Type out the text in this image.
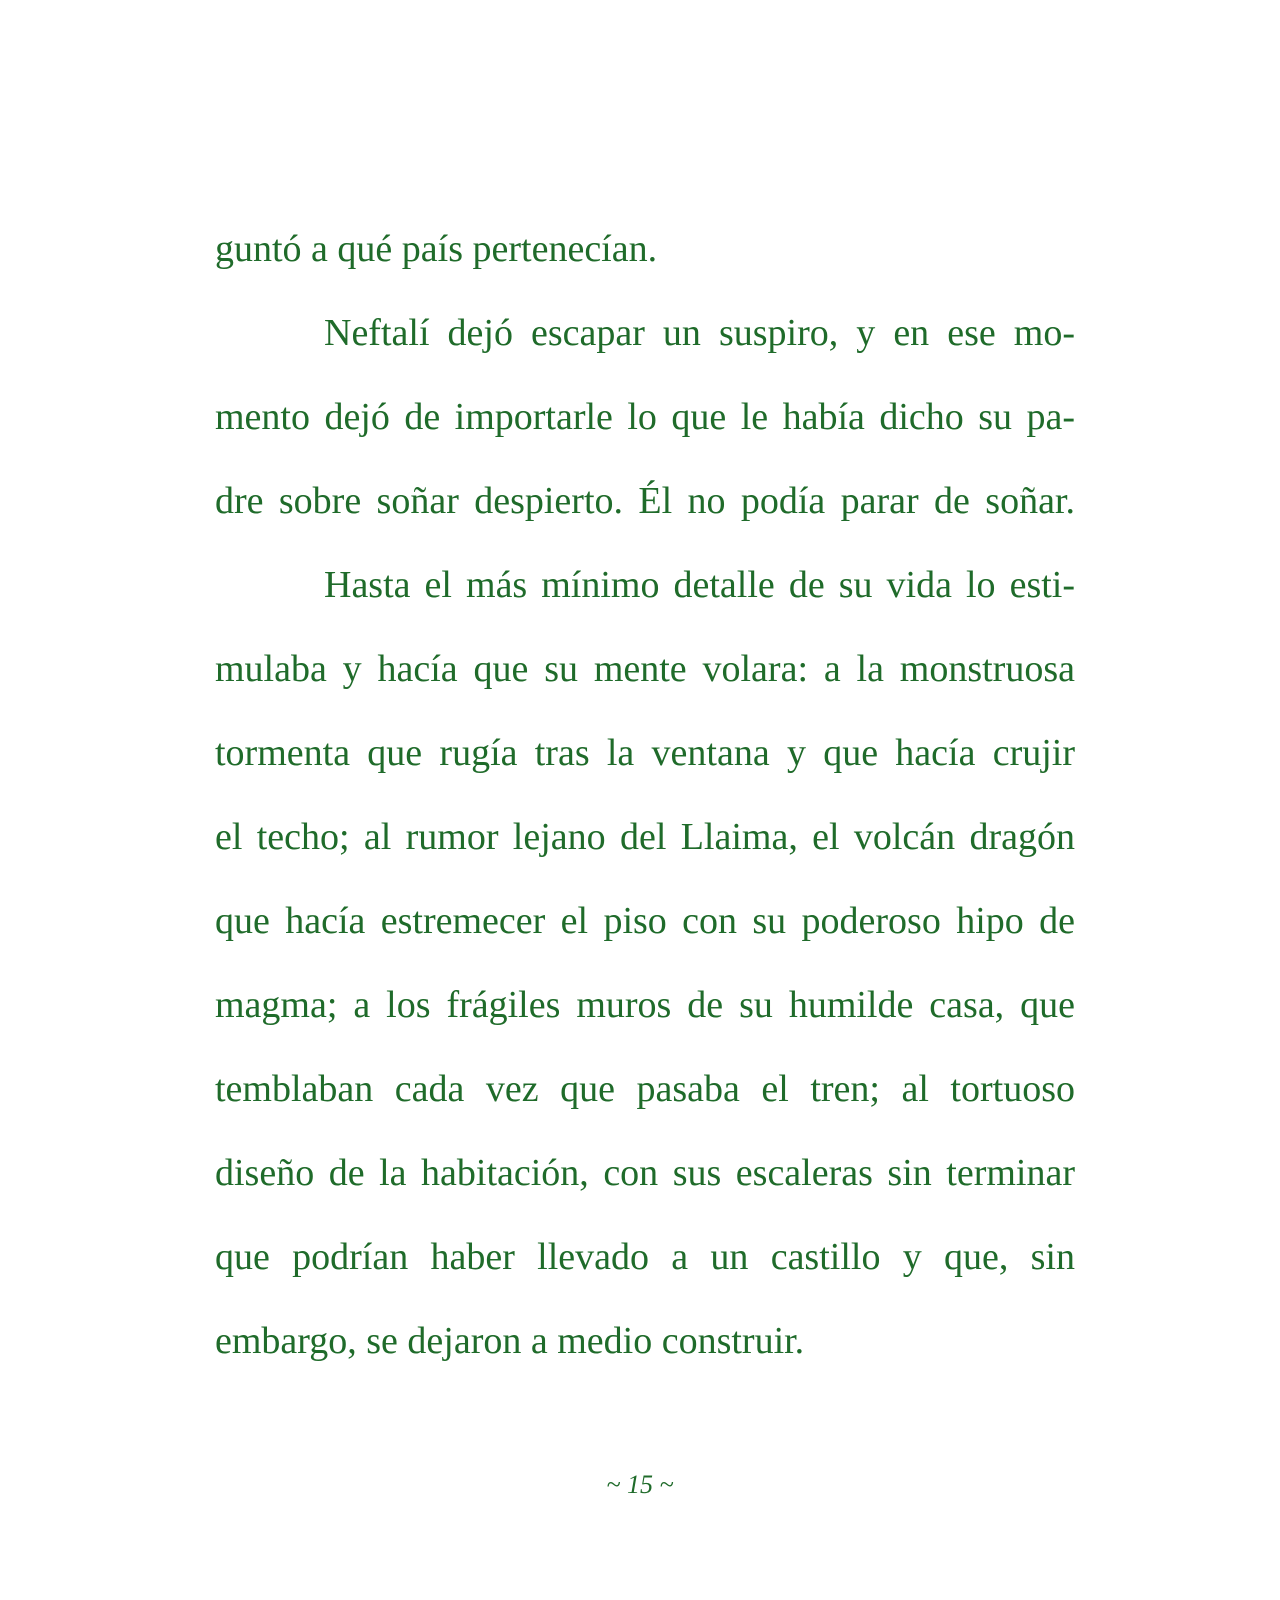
guntó a qué país pertenecían.
Neftalí dejó escapar un suspiro, y en ese mo-
mento dejó de importarle lo que le había dicho su pa-
dre sobre soñar despierto. Él no podía parar de soñar.
Hasta el más mínimo detalle de su vida lo esti-
mulaba y hacía que su mente volara: a la monstruosa
tormenta que rugía tras la ventana y que hacía crujir
el techo; al rumor lejano del Llaima, el volcán dragón
que hacía estremecer el piso con su poderoso hipo de
magma; a los frágiles muros de su humilde casa, que
temblaban cada vez que pasaba el tren; al tortuoso
diseño de la habitación, con sus escaleras sin terminar
que podrían haber llevado a un castillo y que, sin
embargo, se dejaron a medio construir.
~ 15 ~
